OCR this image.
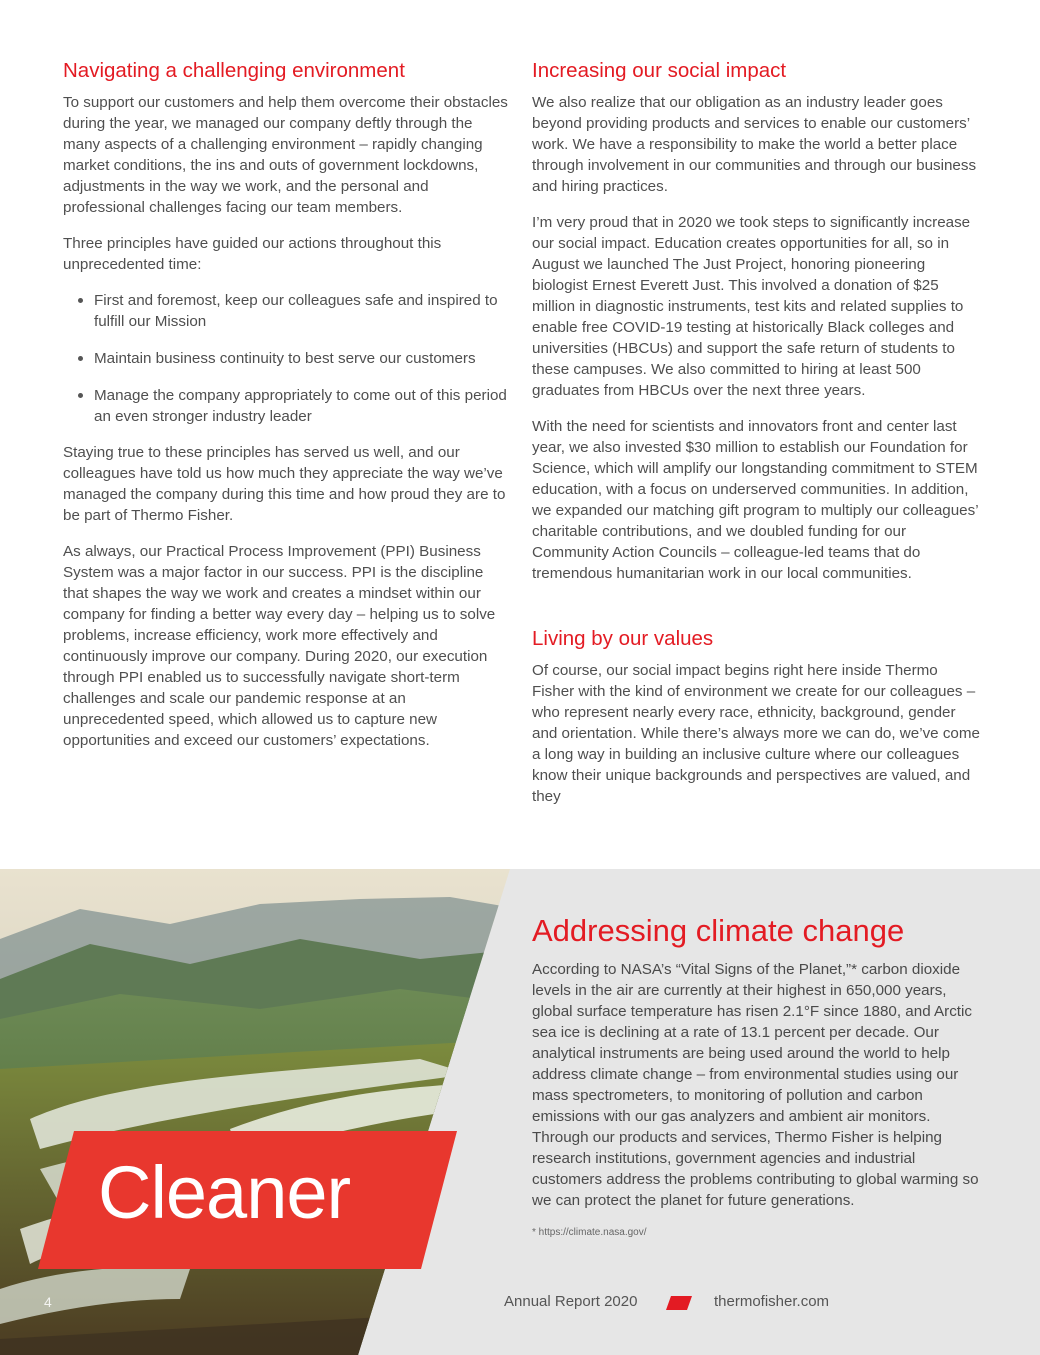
Navigating a challenging environment

To support our customers and help them overcome their obstacles during the year, we managed our company deftly through the many aspects of a challenging environment – rapidly changing market conditions, the ins and outs of government lockdowns, adjustments in the way we work, and the personal and professional challenges facing our team members.

Three principles have guided our actions throughout this unprecedented time:

First and foremost, keep our colleagues safe and inspired to fulfill our Mission
Maintain business continuity to best serve our customers
Manage the company appropriately to come out of this period an even stronger industry leader

Staying true to these principles has served us well, and our colleagues have told us how much they appreciate the way we’ve managed the company during this time and how proud they are to be part of Thermo Fisher.

As always, our Practical Process Improvement (PPI) Business System was a major factor in our success. PPI is the discipline that shapes the way we work and creates a mindset within our company for finding a better way every day – helping us to solve problems, increase efficiency, work more effectively and continuously improve our company. During 2020, our execution through PPI enabled us to successfully navigate short-term challenges and scale our pandemic response at an unprecedented speed, which allowed us to capture new opportunities and exceed our customers’ expectations.

Increasing our social impact

We also realize that our obligation as an industry leader goes beyond providing products and services to enable our customers’ work. We have a responsibility to make the world a better place through involvement in our communities and through our business and hiring practices.

I’m very proud that in 2020 we took steps to significantly increase our social impact. Education creates opportunities for all, so in August we launched The Just Project, honoring pioneering biologist Ernest Everett Just. This involved a donation of $25 million in diagnostic instruments, test kits and related supplies to enable free COVID-19 testing at historically Black colleges and universities (HBCUs) and support the safe return of students to these campuses. We also committed to hiring at least 500 graduates from HBCUs over the next three years.

With the need for scientists and innovators front and center last year, we also invested $30 million to establish our Foundation for Science, which will amplify our longstanding commitment to STEM education, with a focus on underserved communities. In addition, we expanded our matching gift program to multiply our colleagues’ charitable contributions, and we doubled funding for our Community Action Councils – colleague-led teams that do tremendous humanitarian work in our local communities.

Living by our values

Of course, our social impact begins right here inside Thermo Fisher with the kind of environment we create for our colleagues – who represent nearly every race, ethnicity, background, gender and orientation. While there’s always more we can do, we’ve come a long way in building an inclusive culture where our colleagues know their unique backgrounds and perspectives are valued, and they

Cleaner
Addressing climate change

According to NASA’s “Vital Signs of the Planet,”* carbon dioxide levels in the air are currently at their highest in 650,000 years, global surface temperature has risen 2.1°F since 1880, and Arctic sea ice is declining at a rate of 13.1 percent per decade. Our analytical instruments are being used around the world to help address climate change – from environmental studies using our mass spectrometers, to monitoring of pollution and carbon emissions with our gas analyzers and ambient air monitors. Through our products and services, Thermo Fisher is helping research institutions, government agencies and industrial customers address the problems contributing to global warming so we can protect the planet for future generations.

* https://climate.nasa.gov/
4	Annual Report 2020	thermofisher.com
